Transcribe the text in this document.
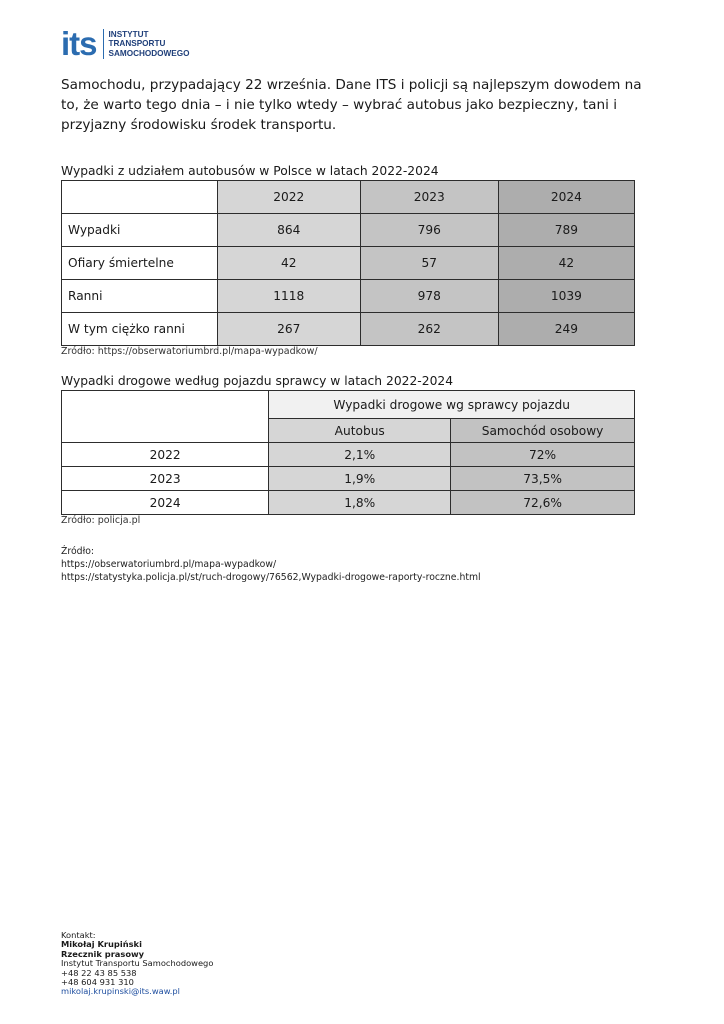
its INSTYTUT
TRANSPORTU
SAMOCHODOWEGO
Samochodu, przypadający 22 września. Dane ITS i policji są najlepszym dowodem na to, że warto tego dnia – i nie tylko wtedy – wybrać autobus jako bezpieczny, tani i przyjazny środowisku środek transportu.
Wypadki z udziałem autobusów w Polsce w latach 2022-2024
	2022	2023	2024
Wypadki	864	796	789
Ofiary śmiertelne	42	57	42
Ranni	1118	978	1039
W tym ciężko ranni	267	262	249
Źródło: https://obserwatoriumbrd.pl/mapa-wypadkow/
Wypadki drogowe według pojazdu sprawcy w latach 2022-2024
	Wypadki drogowe wg sprawcy pojazdu	
	Autobus	Samochód osobowy
2022	2,1%	72%
2023	1,9%	73,5%
2024	1,8%	72,6%
Źródło: policja.pl
Źródło:
https://obserwatoriumbrd.pl/mapa-wypadkow/
https://statystyka.policja.pl/st/ruch-drogowy/76562,Wypadki-drogowe-raporty-roczne.html
Kontakt:
Mikołaj Krupiński
Rzecznik prasowy
Instytut Transportu Samochodowego
+48 22 43 85 538
+48 604 931 310
mikolaj.krupinski@its.waw.pl
